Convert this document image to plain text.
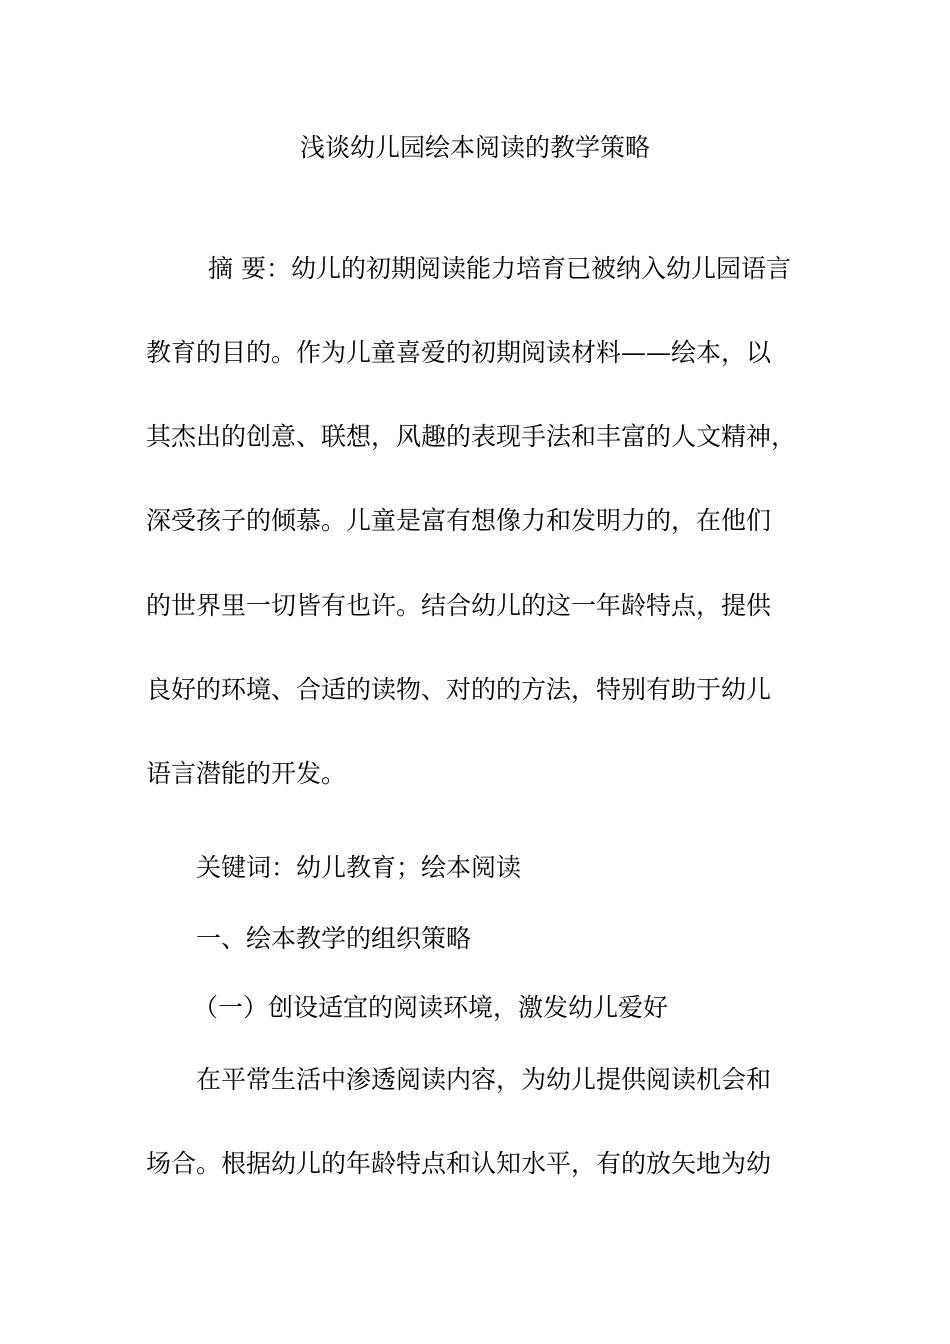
浅谈幼儿园绘本阅读的教学策略
摘 要：幼儿的初期阅读能力培育已被纳入幼儿园语言
教育的目的。作为儿童喜爱的初期阅读材料——绘本，以
其杰出的创意、联想，风趣的表现手法和丰富的人文精神，
深受孩子的倾慕。儿童是富有想像力和发明力的，在他们
的世界里一切皆有也许。结合幼儿的这一年龄特点，提供
良好的环境、合适的读物、对的的方法，特别有助于幼儿
语言潜能的开发。
关键词：幼儿教育；绘本阅读
一、绘本教学的组织策略
（一）创设适宜的阅读环境，激发幼儿爱好
在平常生活中渗透阅读内容，为幼儿提供阅读机会和
场合。根据幼儿的年龄特点和认知水平，有的放矢地为幼
